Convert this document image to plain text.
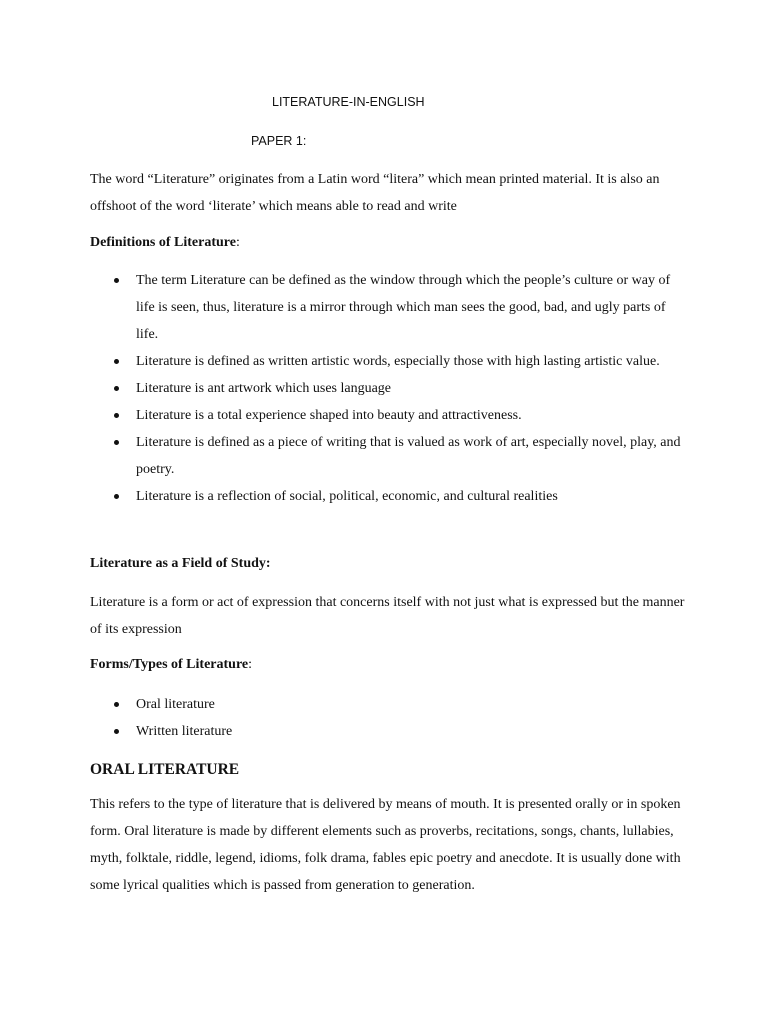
LITERATURE-IN-ENGLISH
PAPER 1:

The word “Literature” originates from a Latin word “litera” which mean printed material. It is also an offshoot of the word ‘literate’ which means able to read and write

Definitions of Literature:

The term Literature can be defined as the window through which the people’s culture or way of life is seen, thus, literature is a mirror through which man sees the good, bad, and ugly parts of life.
Literature is defined as written artistic words, especially those with high lasting artistic value.
Literature is ant artwork which uses language
Literature is a total experience shaped into beauty and attractiveness.
Literature is defined as a piece of writing that is valued as work of art, especially novel, play, and poetry.
Literature is a reflection of social, political, economic, and cultural realities

Literature as a Field of Study:

Literature is a form or act of expression that concerns itself with not just what is expressed but the manner of its expression

Forms/Types of Literature:

Oral literature
Written literature

ORAL LITERATURE

This refers to the type of literature that is delivered by means of mouth. It is presented orally or in spoken form. Oral literature is made by different elements such as proverbs, recitations, songs, chants, lullabies, myth, folktale, riddle, legend, idioms, folk drama, fables epic poetry and anecdote. It is usually done with some lyrical qualities which is passed from generation to generation.
